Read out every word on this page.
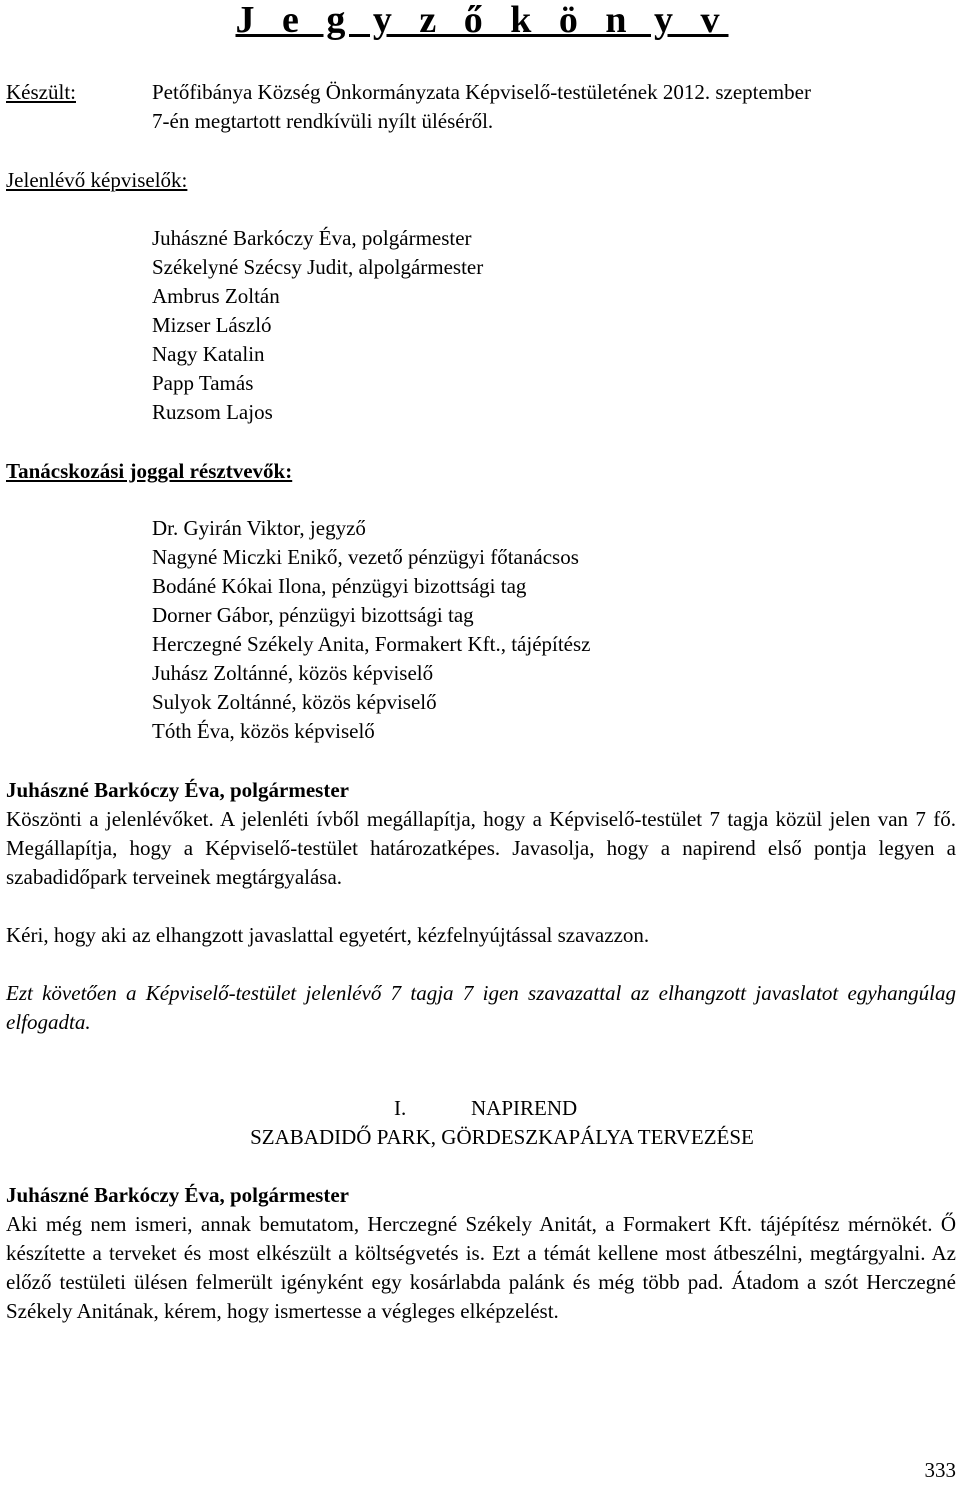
J e g y z ő k ö n y v
Készült:	Petőfibánya Község Önkormányzata Képviselő-testületének 2012. szeptember
7-én megtartott rendkívüli nyílt üléséről.
Jelenlévő képviselők:
Juhászné Barkóczy Éva, polgármester
Székelyné Szécsy Judit, alpolgármester
Ambrus Zoltán
Mizser László
Nagy Katalin
Papp Tamás
Ruzsom Lajos
Tanácskozási joggal résztvevők:
Dr. Gyirán Viktor, jegyző
Nagyné Miczki Enikő, vezető pénzügyi főtanácsos
Bodáné Kókai Ilona, pénzügyi bizottsági tag
Dorner Gábor, pénzügyi bizottsági tag
Herczegné Székely Anita, Formakert Kft., tájépítész
Juhász Zoltánné, közös képviselő
Sulyok Zoltánné, közös képviselő
Tóth Éva, közös képviselő
Juhászné Barkóczy Éva, polgármester

Köszönti a jelenlévőket. A jelenléti ívből megállapítja, hogy a Képviselő-testület 7 tagja közül jelen van 7 fő. Megállapítja, hogy a Képviselő-testület határozatképes. Javasolja, hogy a napirend első pontja legyen a szabadidőpark terveinek megtárgyalása.

Kéri, hogy aki az elhangzott javaslattal egyetért, kézfelnyújtással szavazzon.

Ezt követően a Képviselő-testület jelenlévő 7 tagja 7 igen szavazattal az elhangzott javaslatot egyhangúlag elfogadta.

I.	NAPIREND
SZABADIDŐ PARK, GÖRDESZKAPÁLYA TERVEZÉSE
Juhászné Barkóczy Éva, polgármester

Aki még nem ismeri, annak bemutatom, Herczegné Székely Anitát, a Formakert Kft. tájépítész mérnökét. Ő készítette a terveket és most elkészült a költségvetés is. Ezt a témát kellene most átbeszélni, megtárgyalni. Az előző testületi ülésen felmerült igényként egy kosárlabda palánk és még több pad. Átadom a szót Herczegné Székely Anitának, kérem, hogy ismertesse a végleges elképzelést.

333
